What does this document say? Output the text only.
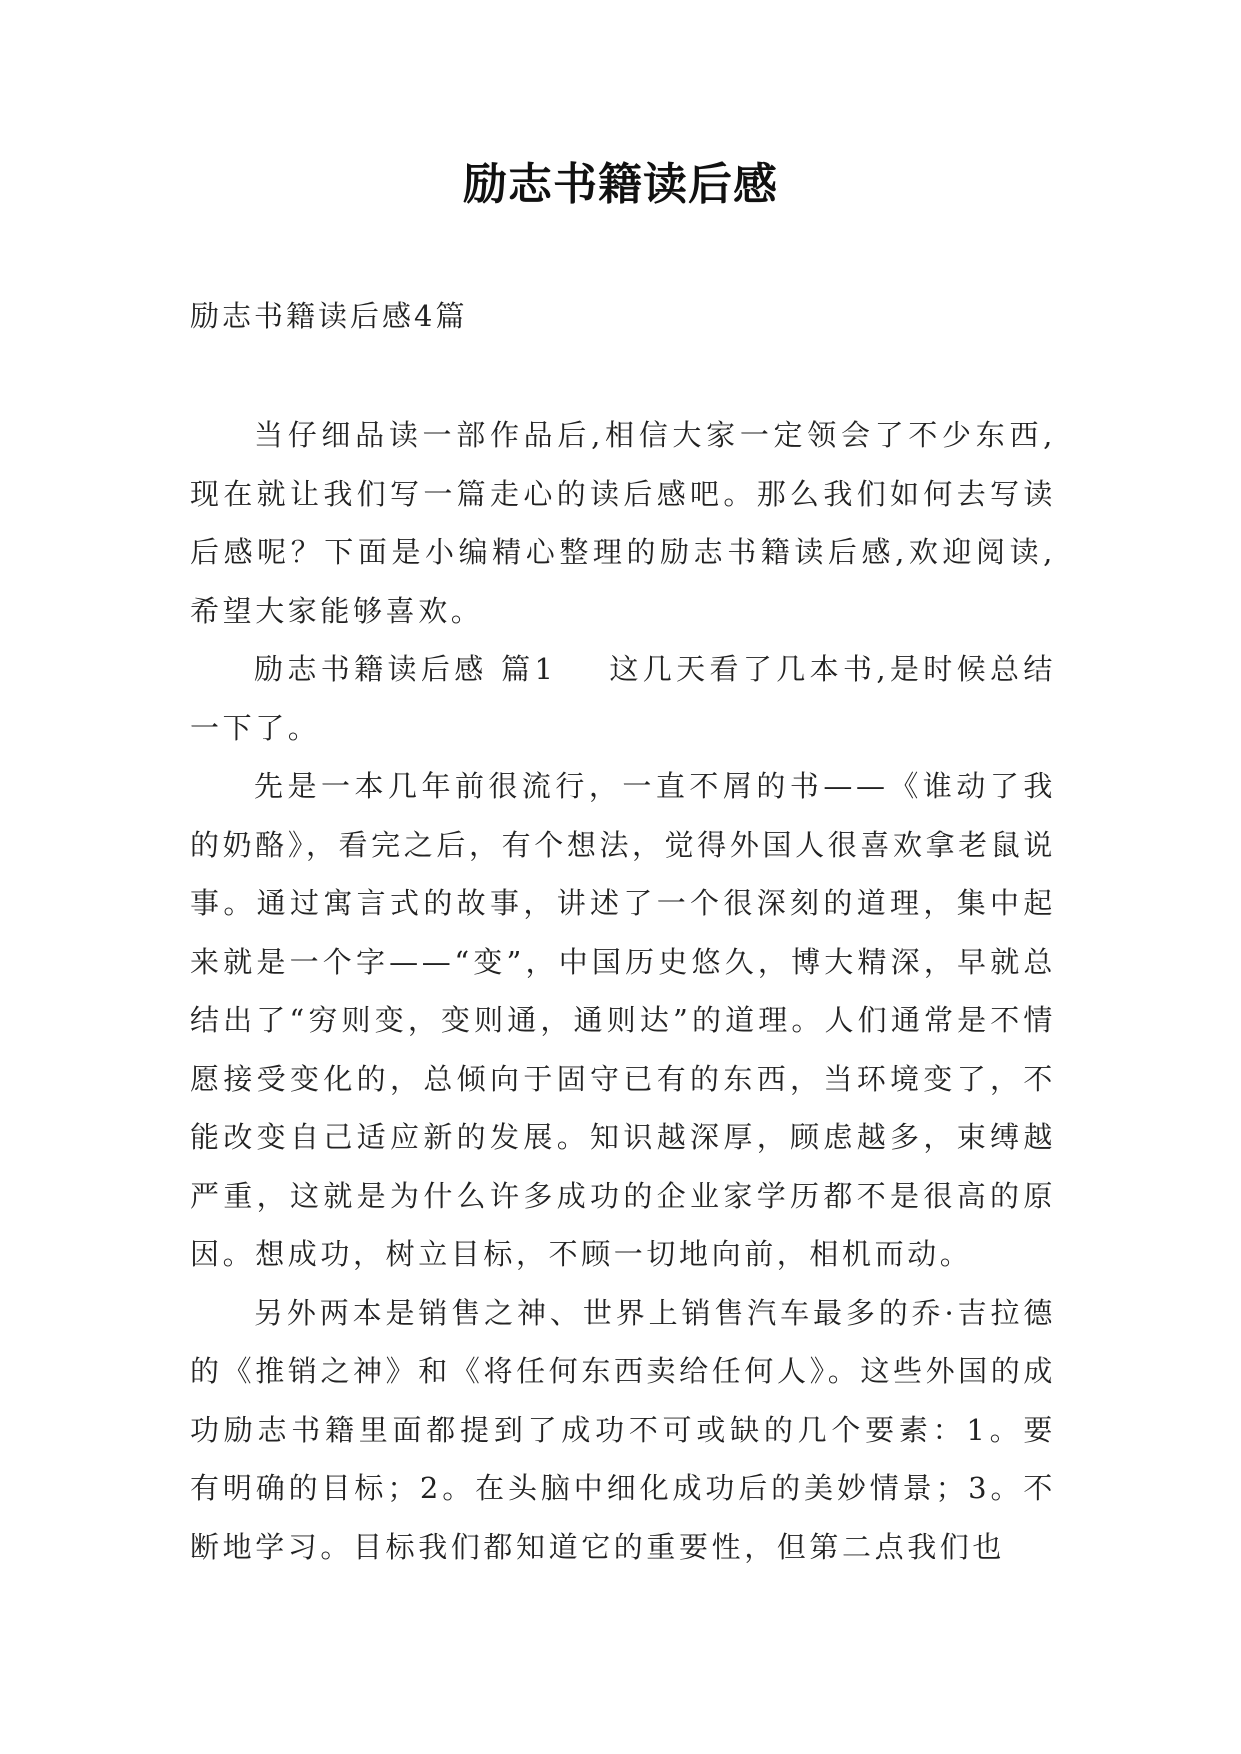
励志书籍读后感

励志书籍读后感4篇

当仔细品读一部作品后,相信大家一定领会了不少东西,现在就让我们写一篇走心的读后感吧。那么我们如何去写读后感呢？下面是小编精心整理的励志书籍读后感,欢迎阅读,希望大家能够喜欢。

励志书籍读后感 篇1 这几天看了几本书,是时候总结一下了。

先是一本几年前很流行，一直不屑的书——《谁动了我的奶酪》，看完之后，有个想法，觉得外国人很喜欢拿老鼠说事。通过寓言式的故事，讲述了一个很深刻的道理，集中起来就是一个字——“变”，中国历史悠久，博大精深，早就总结出了“穷则变，变则通，通则达”的道理。人们通常是不情愿接受变化的，总倾向于固守已有的东西，当环境变了，不能改变自己适应新的发展。知识越深厚，顾虑越多，束缚越严重，这就是为什么许多成功的企业家学历都不是很高的原因。想成功，树立目标，不顾一切地向前，相机而动。

另外两本是销售之神、世界上销售汽车最多的乔·吉拉德的《推销之神》和《将任何东西卖给任何人》。这些外国的成功励志书籍里面都提到了成功不可或缺的几个要素：1。要有明确的目标；2。在头脑中细化成功后的美妙情景；3。不断地学习。目标我们都知道它的重要性，但第二点我们也
